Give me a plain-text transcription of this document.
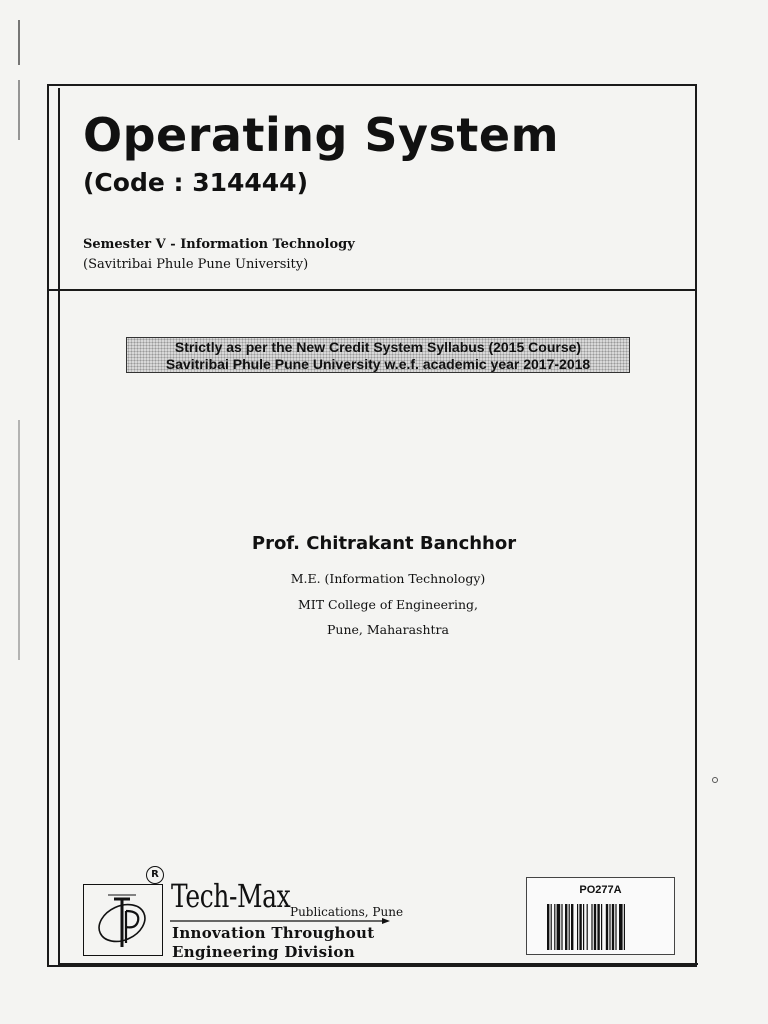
Operating System
(Code : 314444)
Semester V - Information Technology
(Savitribai Phule Pune University)
Strictly as per the New Credit System Syllabus (2015 Course)
Savitribai Phule Pune University w.e.f. academic year 2017-2018
Prof. Chitrakant Banchhor
M.E. (Information Technology)
MIT College of Engineering,
Pune, Maharashtra
R
Tech-Max Publications, Pune
Innovation Throughout
Engineering Division
PO277A
